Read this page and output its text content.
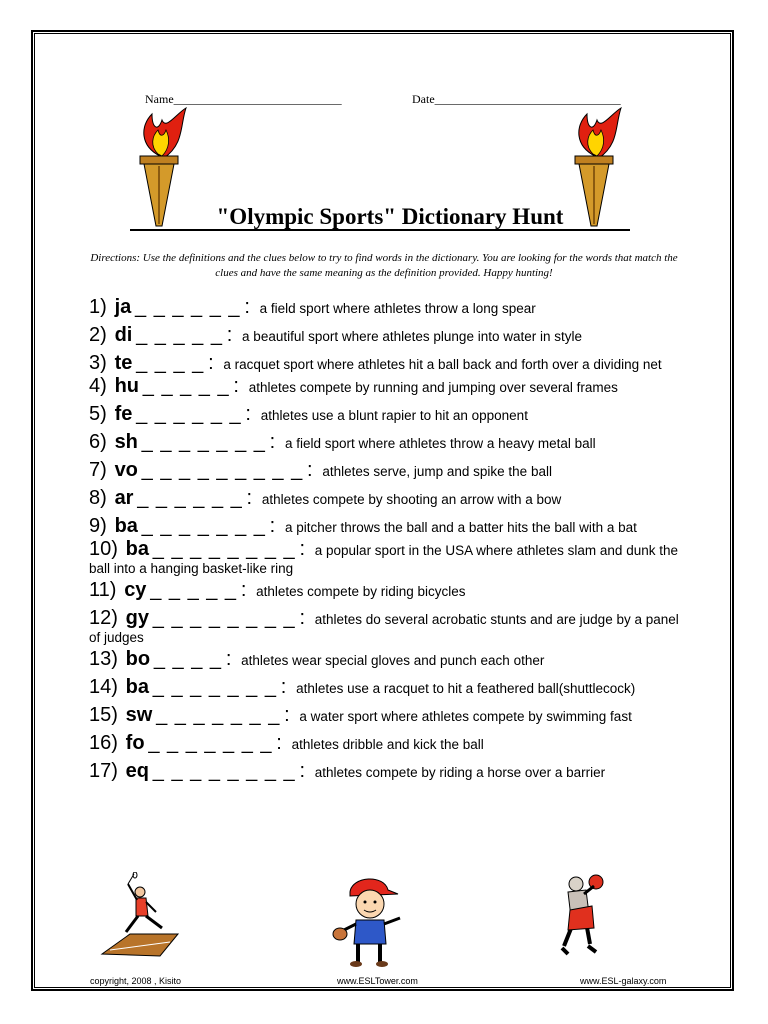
Name____________________________	Date_______________________________
"Olympic Sports" Dictionary Hunt
Directions: Use the definitions and the clues below to try to find words in the dictionary. You are looking for the words that match the clues and have the same meaning as the definition provided. Happy hunting!
1) ja _ _ _ _ _ _ : a field sport where athletes throw a long spear
2) di _ _ _ _ _ : a beautiful sport where athletes plunge into water in style
3) te _ _ _ _ : a racquet sport where athletes hit a ball back and forth over a dividing net
4) hu _ _ _ _ _ : athletes compete by running and jumping over several frames
5) fe _ _ _ _ _ _ : athletes use a blunt rapier to hit an opponent
6) sh _ _ _ _ _ _ _ : a field sport where athletes throw a heavy metal ball
7) vo _ _ _ _ _ _ _ _ _ : athletes serve, jump and spike the ball
8) ar _ _ _ _ _ _ : athletes compete by shooting an arrow with a bow
9) ba _ _ _ _ _ _ _ : a pitcher throws the ball and a batter hits the ball with a bat
10) ba _ _ _ _ _ _ _ _ : a popular sport in the USA where athletes slam and dunk the ball into a hanging basket-like ring
11) cy _ _ _ _ _ : athletes compete by riding bicycles
12) gy _ _ _ _ _ _ _ _ : athletes do several acrobatic stunts and are judge by a panel of judges
13) bo _ _ _ _ : athletes wear special gloves and punch each other
14) ba _ _ _ _ _ _ _ : athletes use a racquet to hit a feathered ball(shuttlecock)
15) sw _ _ _ _ _ _ _ : a water sport where athletes compete by swimming fast
16) fo _ _ _ _ _ _ _ : athletes dribble and kick the ball
17) eq _ _ _ _ _ _ _ _ : athletes compete by riding a horse over a barrier
copyright, 2008 , Kisito	www.ESLTower.com	www.ESL-galaxy.com
